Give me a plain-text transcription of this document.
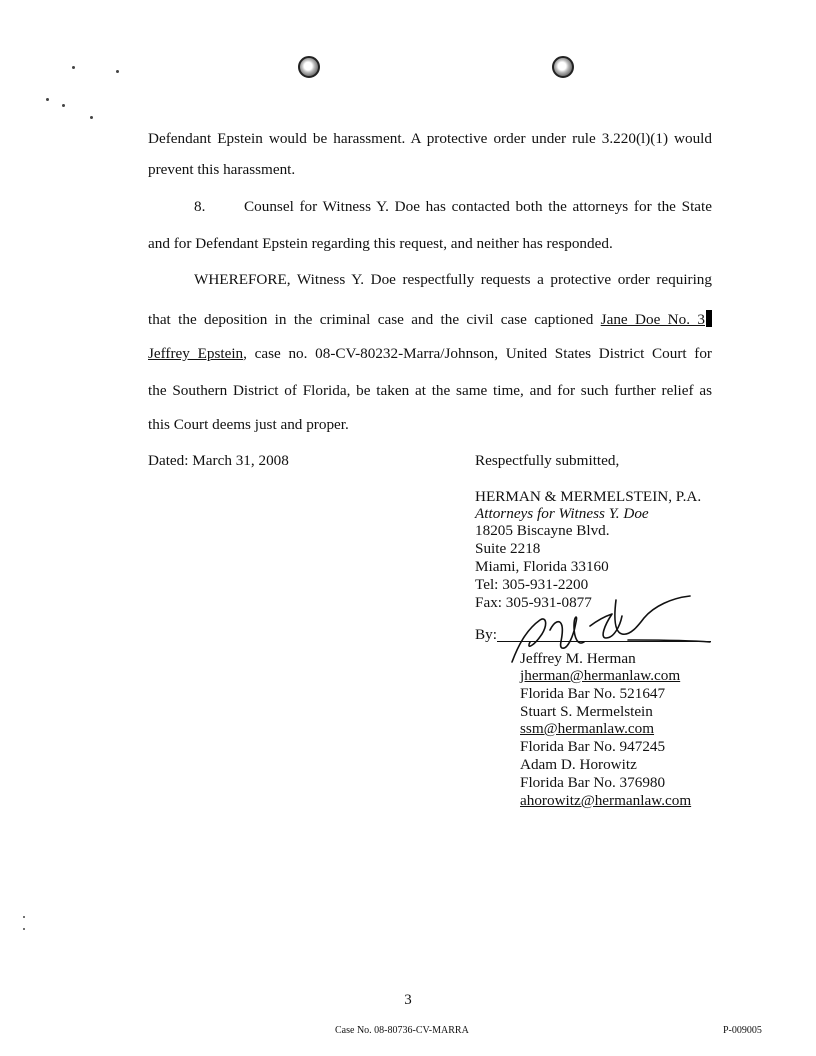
Defendant Epstein would be harassment. A protective order under rule 3.220(l)(1) would

prevent this harassment.

8.	Counsel for Witness Y. Doe has contacted both the attorneys for the State

and for Defendant Epstein regarding this request, and neither has responded.

WHEREFORE, Witness Y. Doe respectfully requests a protective order requiring

that the deposition in the criminal case and the civil case captioned Jane Doe No. 3

Jeffrey Epstein, case no. 08-CV-80232-Marra/Johnson, United States District Court for

the Southern District of Florida, be taken at the same time, and for such further relief as

this Court deems just and proper.

Dated: March 31, 2008	Respectfully submitted,
HERMAN & MERMELSTEIN, P.A.
Attorneys for Witness Y. Doe
18205 Biscayne Blvd.
Suite 2218
Miami, Florida 33160
Tel: 305-931-2200
Fax: 305-931-0877
By:
Jeffrey M. Herman
jherman@hermanlaw.com
Florida Bar No. 521647
Stuart S. Mermelstein
ssm@hermanlaw.com
Florida Bar No. 947245
Adam D. Horowitz
Florida Bar No. 376980
ahorowitz@hermanlaw.com
3
Case No. 08-80736-CV-MARRA	P-009005
